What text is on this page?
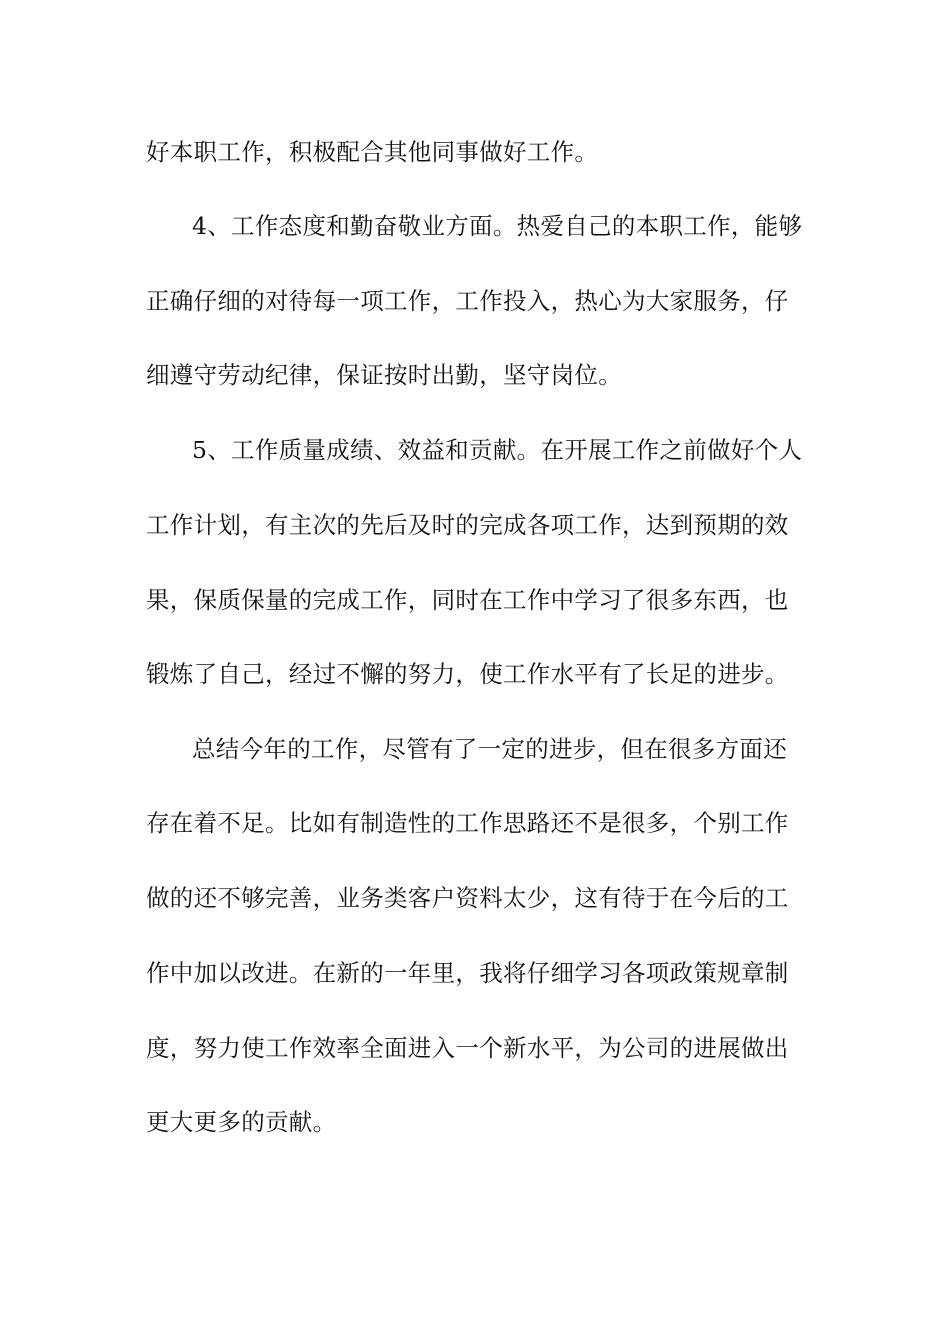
好本职工作，积极配合其他同事做好工作。
4、工作态度和勤奋敬业方面。热爱自己的本职工作，能够
正确仔细的对待每一项工作，工作投入，热心为大家服务，仔
细遵守劳动纪律，保证按时出勤，坚守岗位。
5、工作质量成绩、效益和贡献。在开展工作之前做好个人
工作计划，有主次的先后及时的完成各项工作，达到预期的效
果，保质保量的完成工作，同时在工作中学习了很多东西，也
锻炼了自己，经过不懈的努力，使工作水平有了长足的进步。
总结今年的工作，尽管有了一定的进步，但在很多方面还
存在着不足。比如有制造性的工作思路还不是很多，个别工作
做的还不够完善，业务类客户资料太少，这有待于在今后的工
作中加以改进。在新的一年里，我将仔细学习各项政策规章制
度，努力使工作效率全面进入一个新水平，为公司的进展做出
更大更多的贡献。
